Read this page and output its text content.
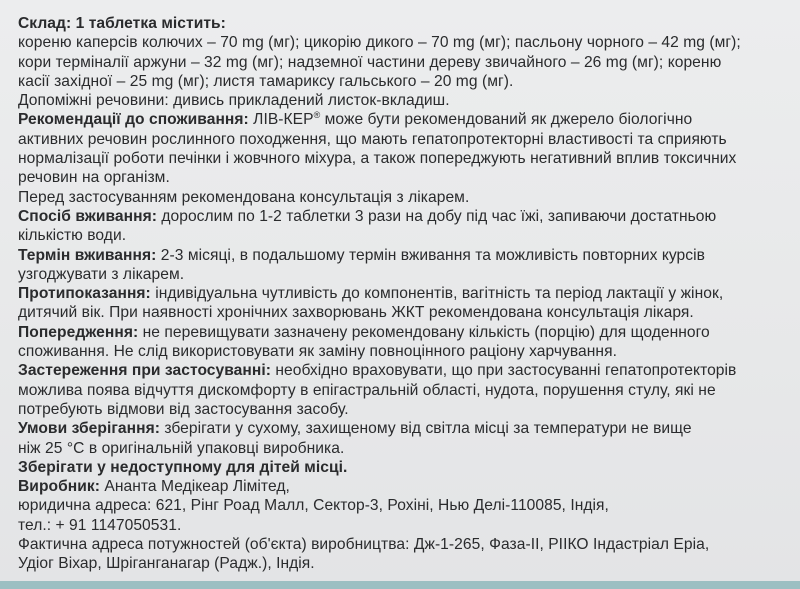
Склад: 1 таблетка містить:
кореню каперсів колючих – 70 mg (мг); цикорію дикого – 70 mg (мг); пасльону чорного – 42 mg (мг);
кори терміналії аржуни – 32 mg (мг); надземної частини дереву звичайного – 26 mg (мг); кореню
касії західної – 25 mg (мг); листя тамариксу гальського – 20 mg (мг).
Допоміжні речовини: дивись прикладений листок-вкладиш.
Рекомендації до споживання: ЛІВ-КЕР® може бути рекомендований як джерело біологічно
активних речовин рослинного походження, що мають гепатопротекторні властивості та сприяють
нормалізації роботи печінки і жовчного міхура, а також попереджують негативний вплив токсичних
речовин на організм.
Перед застосуванням рекомендована консультація з лікарем.
Спосіб вживання: дорослим по 1-2 таблетки 3 рази на добу під час їжі, запиваючи достатньою
кількістю води.
Термін вживання: 2-3 місяці, в подальшому термін вживання та можливість повторних курсів
узгоджувати з лікарем.
Протипоказання: індивідуальна чутливість до компонентів, вагітність та період лактації у жінок,
дитячий вік. При наявності хронічних захворювань ЖКТ рекомендована консультація лікаря.
Попередження: не перевищувати зазначену рекомендовану кількість (порцію) для щоденного
споживання. Не слід використовувати як заміну повноцінного раціону харчування.
Застереження при застосуванні: необхідно враховувати, що при застосуванні гепатопротекторів
можлива поява відчуття дискомфорту в епігастральній області, нудота, порушення стулу, які не
потребують відмови від застосування засобу.
Умови зберігання: зберігати у сухому, захищеному від світла місці за температури не вище
ніж 25 °С в оригінальній упаковці виробника.
Зберігати у недоступному для дітей місці.
Виробник: Ананта Медікеар Лімітед,
юридична адреса: 621, Рінг Роад Малл, Сектор-3, Рохіні, Нью Делі-110085, Індія,
тел.: + 91 1147050531.
Фактична адреса потужностей (об'єкта) виробництва: Дж-1-265, Фаза-II, РІІКО Індастріал Еріа,
Удіог Віхар, Шріганганагар (Радж.), Індія.
